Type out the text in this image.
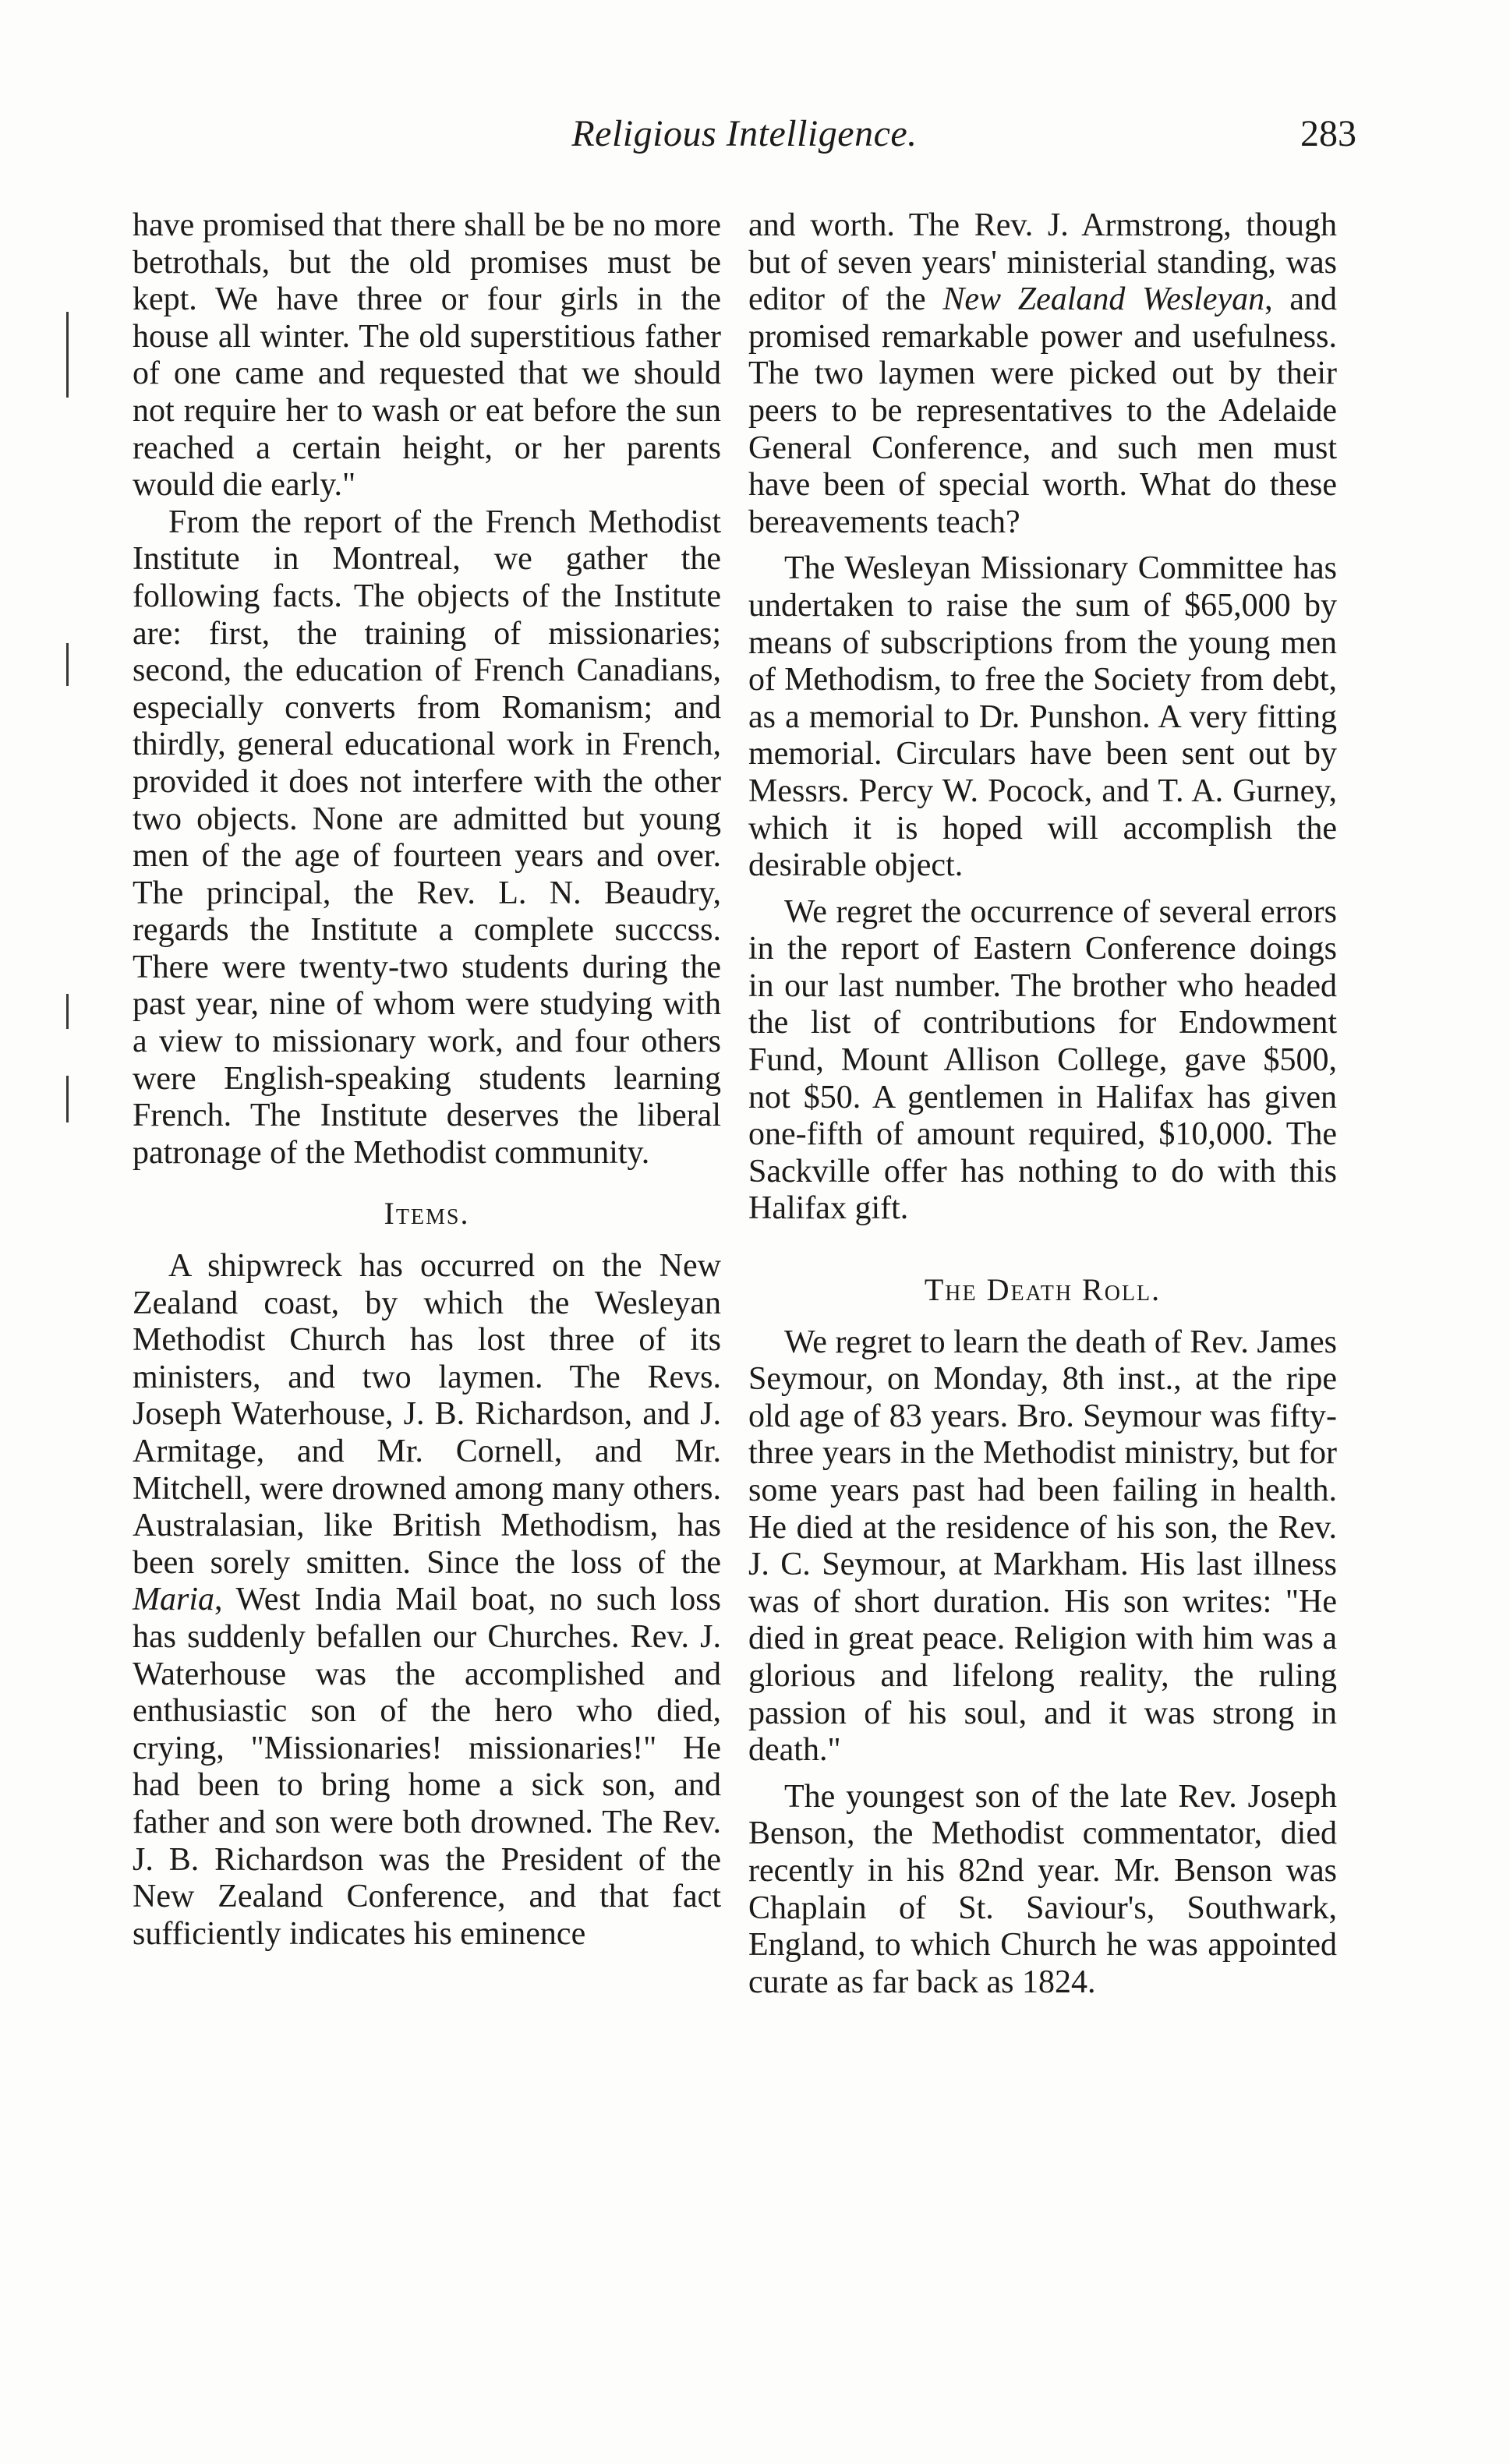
Religious Intelligence.	283

have promised that there shall be be no more betrothals, but the old promises must be kept. We have three or four girls in the house all winter. The old superstitious father of one came and requested that we should not require her to wash or eat before the sun reached a certain height, or her parents would die early."

From the report of the French Methodist Institute in Montreal, we gather the following facts. The objects of the Institute are: first, the training of missionaries; second, the education of French Canadians, especially converts from Romanism; and thirdly, general educational work in French, provided it does not interfere with the other two objects. None are admitted but young men of the age of fourteen years and over. The principal, the Rev. L. N. Beaudry, regards the Institute a complete succcss. There were twenty-two students during the past year, nine of whom were studying with a view to missionary work, and four others were English-speaking students learning French. The Institute deserves the liberal patronage of the Methodist community.

Items.

A shipwreck has occurred on the New Zealand coast, by which the Wesleyan Methodist Church has lost three of its ministers, and two laymen. The Revs. Joseph Waterhouse, J. B. Richardson, and J. Armitage, and Mr. Cornell, and Mr. Mitchell, were drowned among many others. Australasian, like British Methodism, has been sorely smitten. Since the loss of the Maria, West India Mail boat, no such loss has suddenly befallen our Churches. Rev. J. Waterhouse was the accomplished and enthusiastic son of the hero who died, crying, "Missionaries! missionaries!" He had been to bring home a sick son, and father and son were both drowned. The Rev. J. B. Richardson was the President of the New Zealand Conference, and that fact sufficiently indicates his eminence

and worth. The Rev. J. Armstrong, though but of seven years' ministerial standing, was editor of the New Zealand Wesleyan, and promised remarkable power and usefulness. The two laymen were picked out by their peers to be representatives to the Adelaide General Conference, and such men must have been of special worth. What do these bereavements teach?

The Wesleyan Missionary Committee has undertaken to raise the sum of $65,000 by means of subscriptions from the young men of Methodism, to free the Society from debt, as a memorial to Dr. Punshon. A very fitting memorial. Circulars have been sent out by Messrs. Percy W. Pocock, and T. A. Gurney, which it is hoped will accomplish the desirable object.

We regret the occurrence of several errors in the report of Eastern Conference doings in our last number. The brother who headed the list of contributions for Endowment Fund, Mount Allison College, gave $500, not $50. A gentlemen in Halifax has given one-fifth of amount required, $10,000. The Sackville offer has nothing to do with this Halifax gift.

The Death Roll.

We regret to learn the death of Rev. James Seymour, on Monday, 8th inst., at the ripe old age of 83 years. Bro. Seymour was fifty-three years in the Methodist ministry, but for some years past had been failing in health. He died at the residence of his son, the Rev. J. C. Seymour, at Markham. His last illness was of short duration. His son writes: "He died in great peace. Religion with him was a glorious and lifelong reality, the ruling passion of his soul, and it was strong in death."

The youngest son of the late Rev. Joseph Benson, the Methodist commentator, died recently in his 82nd year. Mr. Benson was Chaplain of St. Saviour's, Southwark, England, to which Church he was appointed curate as far back as 1824.
